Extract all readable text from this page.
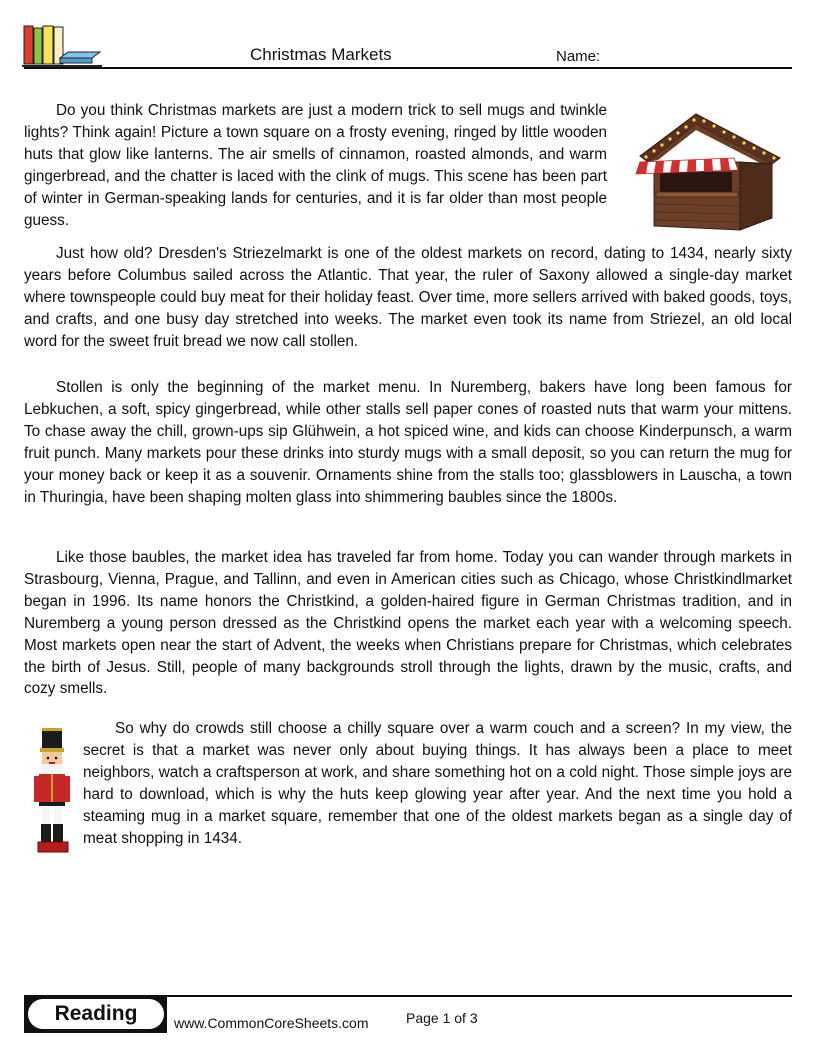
Christmas Markets	Name:

Do you think Christmas markets are just a modern trick to sell mugs and twinkle lights? Think again! Picture a town square on a frosty evening, ringed by little wooden huts that glow like lanterns. The air smells of cinnamon, roasted almonds, and warm gingerbread, and the chatter is laced with the clink of mugs. This scene has been part of winter in German-speaking lands for centuries, and it is far older than most people guess.

Just how old? Dresden's Striezelmarkt is one of the oldest markets on record, dating to 1434, nearly sixty years before Columbus sailed across the Atlantic. That year, the ruler of Saxony allowed a single-day market where townspeople could buy meat for their holiday feast. Over time, more sellers arrived with baked goods, toys, and crafts, and one busy day stretched into weeks. The market even took its name from Striezel, an old local word for the sweet fruit bread we now call stollen.

Stollen is only the beginning of the market menu. In Nuremberg, bakers have long been famous for Lebkuchen, a soft, spicy gingerbread, while other stalls sell paper cones of roasted nuts that warm your mittens. To chase away the chill, grown-ups sip Glühwein, a hot spiced wine, and kids can choose Kinderpunsch, a warm fruit punch. Many markets pour these drinks into sturdy mugs with a small deposit, so you can return the mug for your money back or keep it as a souvenir. Ornaments shine from the stalls too; glassblowers in Lauscha, a town in Thuringia, have been shaping molten glass into shimmering baubles since the 1800s.

Like those baubles, the market idea has traveled far from home. Today you can wander through markets in Strasbourg, Vienna, Prague, and Tallinn, and even in American cities such as Chicago, whose Christkindlmarket began in 1996. Its name honors the Christkind, a golden-haired figure in German Christmas tradition, and in Nuremberg a young person dressed as the Christkind opens the market each year with a welcoming speech. Most markets open near the start of Advent, the weeks when Christians prepare for Christmas, which celebrates the birth of Jesus. Still, people of many backgrounds stroll through the lights, drawn by the music, crafts, and cozy smells.

So why do crowds still choose a chilly square over a warm couch and a screen? In my view, the secret is that a market was never only about buying things. It has always been a place to meet neighbors, watch a craftsperson at work, and share something hot on a cold night. Those simple joys are hard to download, which is why the huts keep glowing year after year. And the next time you hold a steaming mug in a market square, remember that one of the oldest markets began as a single day of meat shopping in 1434.

Reading	www.CommonCoreSheets.com	Page 1 of 3
